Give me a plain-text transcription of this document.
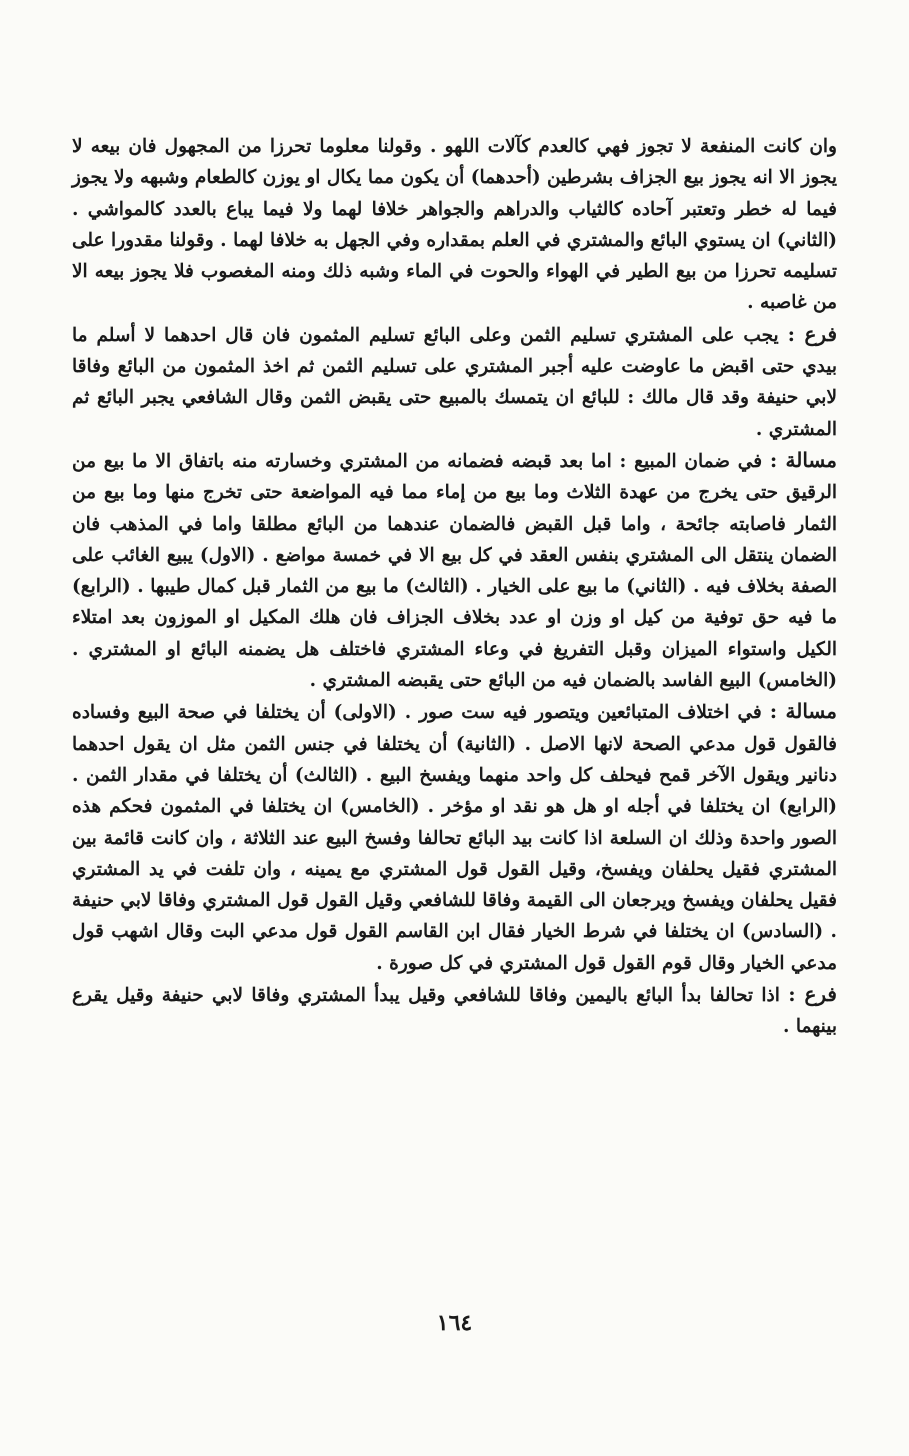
وان كانت المنفعة لا تجوز فهي كالعدم كآلات اللهو . وقولنا معلوما تحرزا من المجهول فان بيعه لا يجوز الا انه يجوز بيع الجزاف بشرطين (أحدهما) أن يكون مما يكال او يوزن كالطعام وشبهه ولا يجوز فيما له خطر وتعتبر آحاده كالثياب والدراهم والجواهر خلافا لهما ولا فيما يباع بالعدد كالمواشي . (الثاني) ان يستوي البائع والمشتري في العلم بمقداره وفي الجهل به خلافا لهما . وقولنا مقدورا على تسليمه تحرزا من بيع الطير في الهواء والحوت في الماء وشبه ذلك ومنه المغصوب فلا يجوز بيعه الا من غاصبه .

فرع : يجب على المشتري تسليم الثمن وعلى البائع تسليم المثمون فان قال احدهما لا أسلم ما بيدي حتى اقبض ما عاوضت عليه أجبر المشتري على تسليم الثمن ثم اخذ المثمون من البائع وفاقا لابي حنيفة وقد قال مالك : للبائع ان يتمسك بالمبيع حتى يقبض الثمن وقال الشافعي يجبر البائع ثم المشتري .

مسالة : في ضمان المبيع : اما بعد قبضه فضمانه من المشتري وخسارته منه باتفاق الا ما بيع من الرقيق حتى يخرج من عهدة الثلاث وما بيع من إماء مما فيه المواضعة حتى تخرج منها وما بيع من الثمار فاصابته جائحة ، واما قبل القبض فالضمان عندهما من البائع مطلقا واما في المذهب فان الضمان ينتقل الى المشتري بنفس العقد في كل بيع الا في خمسة مواضع . (الاول) يبيع الغائب على الصفة بخلاف فيه . (الثاني) ما بيع على الخيار . (الثالث) ما بيع من الثمار قبل كمال طيبها . (الرابع) ما فيه حق توفية من كيل او وزن او عدد بخلاف الجزاف فان هلك المكيل او الموزون بعد امتلاء الكيل واستواء الميزان وقبل التفريغ في وعاء المشتري فاختلف هل يضمنه البائع او المشتري . (الخامس) البيع الفاسد بالضمان فيه من البائع حتى يقبضه المشتري .

مسالة : في اختلاف المتبائعين ويتصور فيه ست صور . (الاولى) أن يختلفا في صحة البيع وفساده فالقول قول مدعي الصحة لانها الاصل . (الثانية) أن يختلفا في جنس الثمن مثل ان يقول احدهما دنانير ويقول الآخر قمح فيحلف كل واحد منهما ويفسخ البيع . (الثالث) أن يختلفا في مقدار الثمن . (الرابع) ان يختلفا في أجله او هل هو نقد او مؤخر . (الخامس) ان يختلفا في المثمون فحكم هذه الصور واحدة وذلك ان السلعة اذا كانت بيد البائع تحالفا وفسخ البيع عند الثلاثة ، وان كانت قائمة بين المشتري فقيل يحلفان ويفسخ، وقيل القول قول المشتري مع يمينه ، وان تلفت في يد المشتري فقيل يحلفان ويفسخ ويرجعان الى القيمة وفاقا للشافعي وقيل القول قول المشتري وفاقا لابي حنيفة . (السادس) ان يختلفا في شرط الخيار فقال ابن القاسم القول قول مدعي البت وقال اشهب قول مدعي الخيار وقال قوم القول قول المشتري في كل صورة .

فرع : اذا تحالفا بدأ البائع باليمين وفاقا للشافعي وقيل يبدأ المشتري وفاقا لابي حنيفة وقيل يقرع بينهما .

١٦٤
